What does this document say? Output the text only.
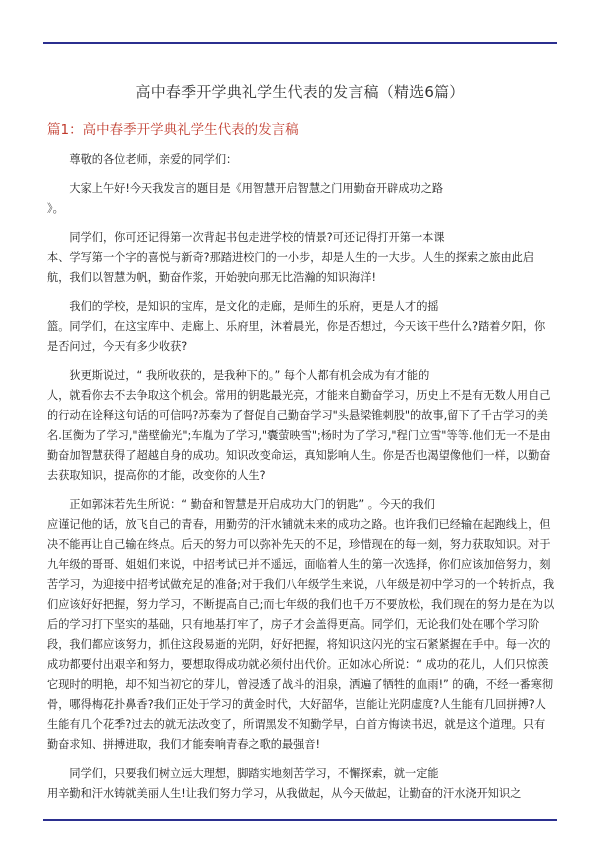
高中春季开学典礼学生代表的发言稿（精选6篇）
篇1：高中春季开学典礼学生代表的发言稿

尊敬的各位老师，亲爱的同学们：

大家上午好!今天我发言的题目是《用智慧开启智慧之门用勤奋开辟成功之路
》。

同学们，你可还记得第一次背起书包走进学校的情景?可还记得打开第一本课
本、学写第一个字的喜悦与新奇?那踏进校门的一小步，却是人生的一大步。人生的探索之旅由此启航，我们以智慧为帆，勤奋作浆，开始驶向那无比浩瀚的知识海洋!

我们的学校，是知识的宝库，是文化的走廊，是师生的乐府，更是人才的摇
篮。同学们，在这宝库中、走廊上、乐府里，沐着晨光，你是否想过，今天该干些什么?踏着夕阳，你是否问过，今天有多少收获?

狄更斯说过，“ 我所收获的，是我种下的。” 每个人都有机会成为有才能的
人，就看你去不去争取这个机会。常用的钥匙最光亮，才能来自勤奋学习，历史上不是有无数人用自己的行动在诠释这句话的可信吗?苏秦为了督促自己勤奋学习"头悬梁锥刺股"的故事,留下了千古学习的美名.匡衡为了学习,"凿壁偷光";车胤为了学习,"囊萤映雪";杨时为了学习,"程门立雪"等等.他们无一不是由勤奋加智慧获得了超越自身的成功。知识改变命运，真知影响人生。你是否也渴望像他们一样，以勤奋去获取知识，提高你的才能，改变你的人生?

正如郭沫若先生所说：“ 勤奋和智慧是开启成功大门的钥匙” 。今天的我们
应谨记他的话，放飞自己的青春，用勤劳的汗水铺就未来的成功之路。也许我们已经输在起跑线上，但决不能再让自己输在终点。后天的努力可以弥补先天的不足，珍惜现在的每一刻，努力获取知识。对于九年级的哥哥、姐姐们来说，中招考试已并不遥远，面临着人生的第一次选择，你们应该加倍努力，刻苦学习，为迎接中招考试做充足的准备;对于我们八年级学生来说，八年级是初中学习的一个转折点，我们应该好好把握，努力学习，不断提高自己;而七年级的我们也千万不要放松，我们现在的努力是在为以后的学习打下坚实的基础，只有地基打牢了，房子才会盖得更高。同学们，无论我们处在哪个学习阶段，我们都应该努力，抓住这段易逝的光阴，好好把握，将知识这闪光的宝石紧紧握在手中。每一次的成功都要付出艰辛和努力，要想取得成功就必须付出代价。正如冰心所说：“ 成功的花儿，人们只惊羡它现时的明艳，却不知当初它的芽儿，曾浸透了战斗的泪泉，洒遍了牺牲的血雨!” 的确，不经一番寒彻骨，哪得梅花扑鼻香?我们正处于学习的黄金时代，大好韶华，岂能让光阴虚度?人生能有几回拼搏?人生能有几个花季?过去的就无法改变了，所谓黑发不知勤学早，白首方悔读书迟，就是这个道理。只有勤奋求知、拼搏进取，我们才能奏响青春之歌的最强音!

同学们，只要我们树立远大理想，脚踏实地刻苦学习，不懈探索，就一定能
用辛勤和汗水铸就美丽人生!让我们努力学习，从我做起，从今天做起，让勤奋的汗水浇开知识之
